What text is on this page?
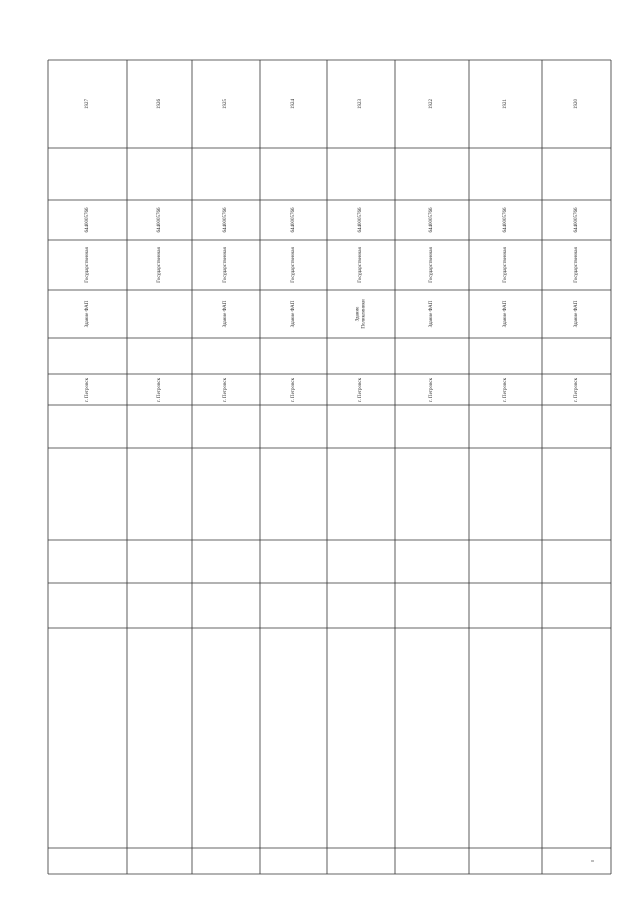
1927
6440005766
Государственная
Здание ФАП
г. Петровск
1926
6440005766
Государственная
г. Петровск
1925
6440005766
Государственная
Здание ФАП
г. Петровск
1924
6440005766
Государственная
Здание ФАП
г. Петровск
1923
6440005766
Государственная
Здание Поликлиники
г. Петровск
1922
6440005766
Государственная
Здание ФАП
г. Петровск
1921
6440005766
Государственная
Здание ФАП
г. Петровск
1920
6440005766
Государственная
Здание ФАП
г. Петровск
